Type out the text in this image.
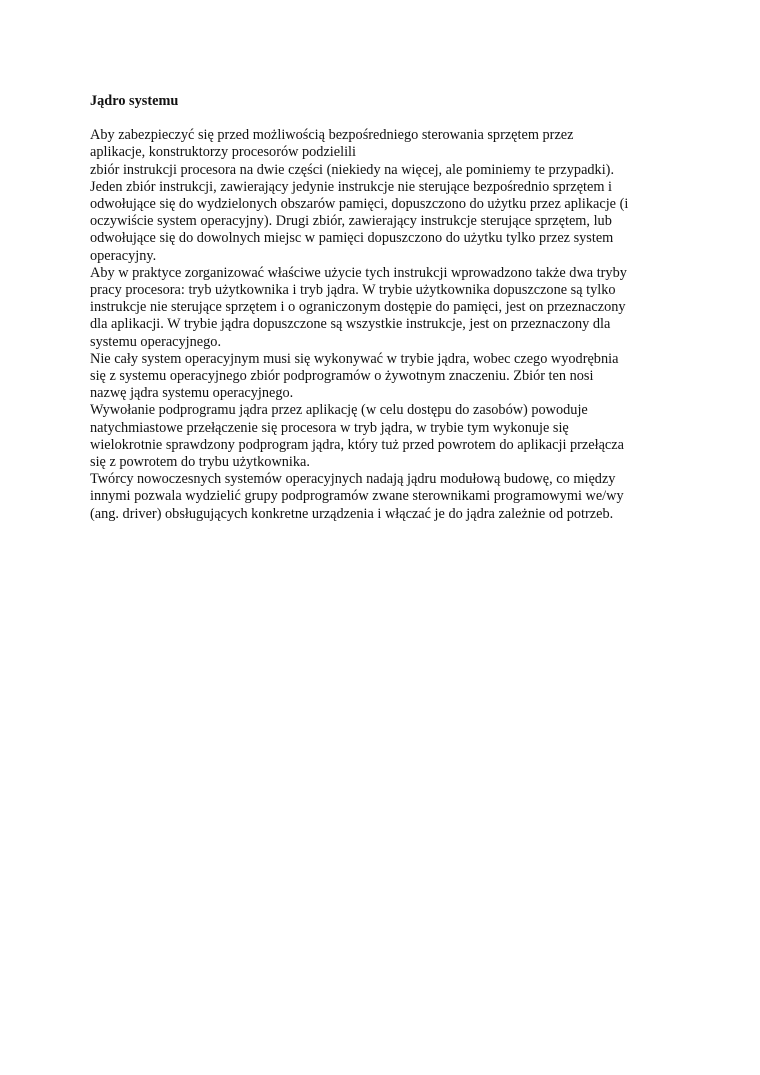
Jądro systemu
Aby zabezpieczyć się przed możliwością bezpośredniego sterowania sprzętem przez
aplikacje, konstruktorzy procesorów podzielili
zbiór instrukcji procesora na dwie części (niekiedy na więcej, ale pominiemy te przypadki).
Jeden zbiór instrukcji, zawierający jedynie instrukcje nie sterujące bezpośrednio sprzętem i
odwołujące się do wydzielonych obszarów pamięci, dopuszczono do użytku przez aplikacje (i
oczywiście system operacyjny). Drugi zbiór, zawierający instrukcje sterujące sprzętem, lub
odwołujące się do dowolnych miejsc w pamięci dopuszczono do użytku tylko przez system
operacyjny.
Aby w praktyce zorganizować właściwe użycie tych instrukcji wprowadzono także dwa tryby
pracy procesora: tryb użytkownika i tryb jądra. W trybie użytkownika dopuszczone są tylko
instrukcje nie sterujące sprzętem i o ograniczonym dostępie do pamięci, jest on przeznaczony
dla aplikacji. W trybie jądra dopuszczone są wszystkie instrukcje, jest on przeznaczony dla
systemu operacyjnego.
Nie cały system operacyjnym musi się wykonywać w trybie jądra, wobec czego wyodrębnia
się z systemu operacyjnego zbiór podprogramów o żywotnym znaczeniu. Zbiór ten nosi
nazwę jądra systemu operacyjnego.
Wywołanie podprogramu jądra przez aplikację (w celu dostępu do zasobów) powoduje
natychmiastowe przełączenie się procesora w tryb jądra, w trybie tym wykonuje się
wielokrotnie sprawdzony podprogram jądra, który tuż przed powrotem do aplikacji przełącza
się z powrotem do trybu użytkownika.
Twórcy nowoczesnych systemów operacyjnych nadają jądru modułową budowę, co między
innymi pozwala wydzielić grupy podprogramów zwane sterownikami programowymi we/wy
(ang. driver) obsługujących konkretne urządzenia i włączać je do jądra zależnie od potrzeb.
